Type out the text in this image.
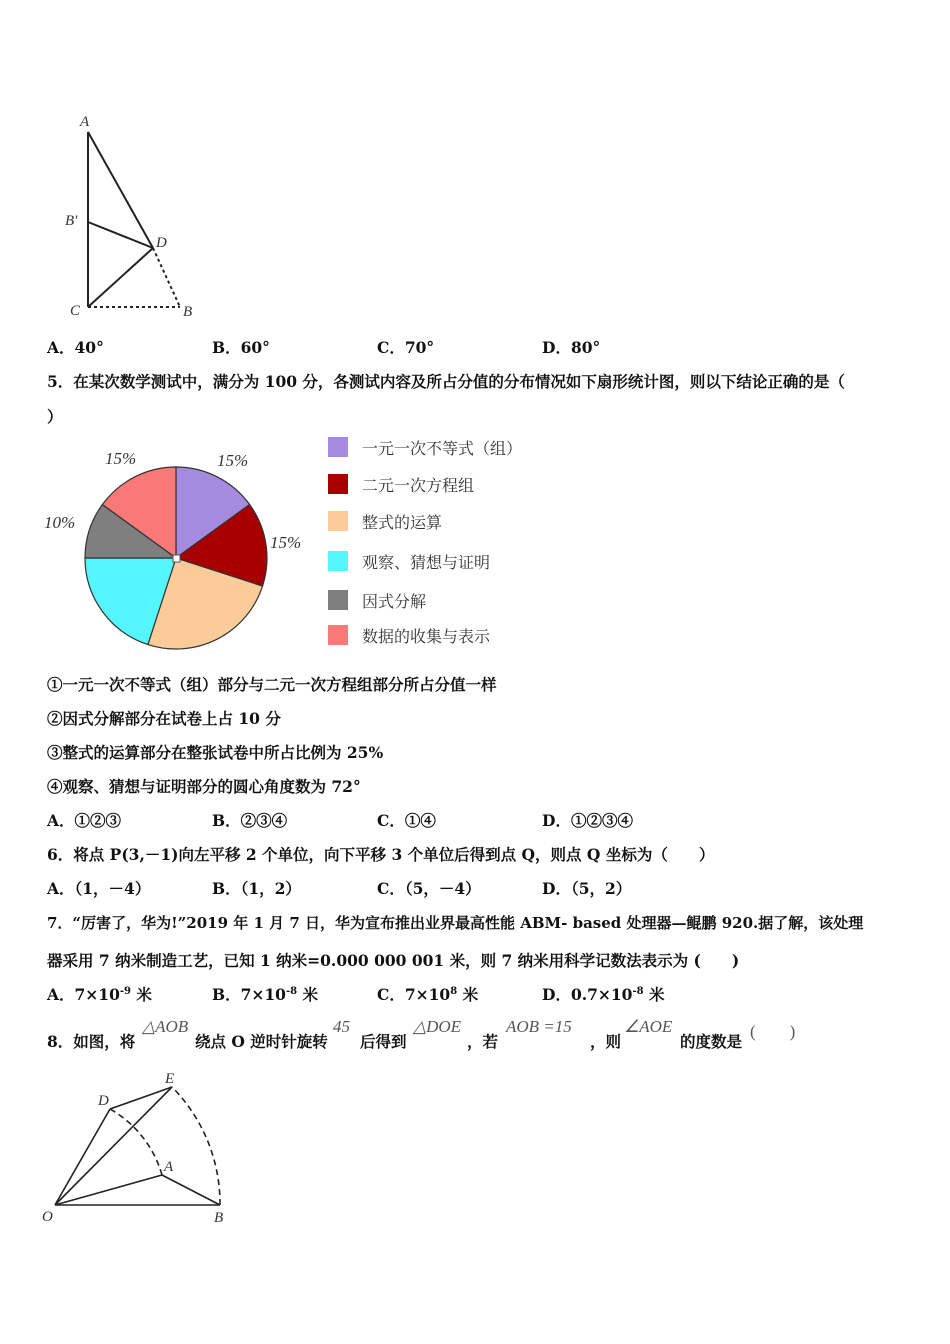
A
B'
D
C	B
A．40°	B．60°	C．70°	D．80°
5．在某次数学测试中，满分为 100 分，各测试内容及所占分值的分布情况如下扇形统计图，则以下结论正确的是（
）
15%
15%
10%
15%
一元一次不等式（组）
二元一次方程组
整式的运算
观察、猜想与证明
因式分解
数据的收集与表示
①一元一次不等式（组）部分与二元一次方程组部分所占分值一样
②因式分解部分在试卷上占 10 分
③整式的运算部分在整张试卷中所占比例为 25%
④观察、猜想与证明部分的圆心角度数为 72°
A．①②③	B．②③④	C．①④	D．①②③④
6．将点 P(3,－1)向左平移 2 个单位，向下平移 3 个单位后得到点 Q，则点 Q 坐标为（　　）
A．（1，－4）	B．（1，2）	C．（5，－4）	D．（5，2）
7．“厉害了，华为!”2019 年 1 月 7 日，华为宣布推出业界最高性能 ABM- based 处理器—鲲鹏 920.据了解，该处理
器采用 7 纳米制造工艺，已知 1 纳米=0.000 000 001 米，则 7 纳米用科学记数法表示为 (　　)
A．$7\times 10^{-9}$ 米	B．$7\times 10^{-8}$ 米	C．$7\times 10^8$ 米	D．$0.7\times 10^{-8}$ 米
8．如图，将
△AOB
绕点 O 逆时针旋转
45
后得到
△DOE
，若
AOB =15
，则
∠AOE
的度数是
(　　)
D
E
A
O	B
